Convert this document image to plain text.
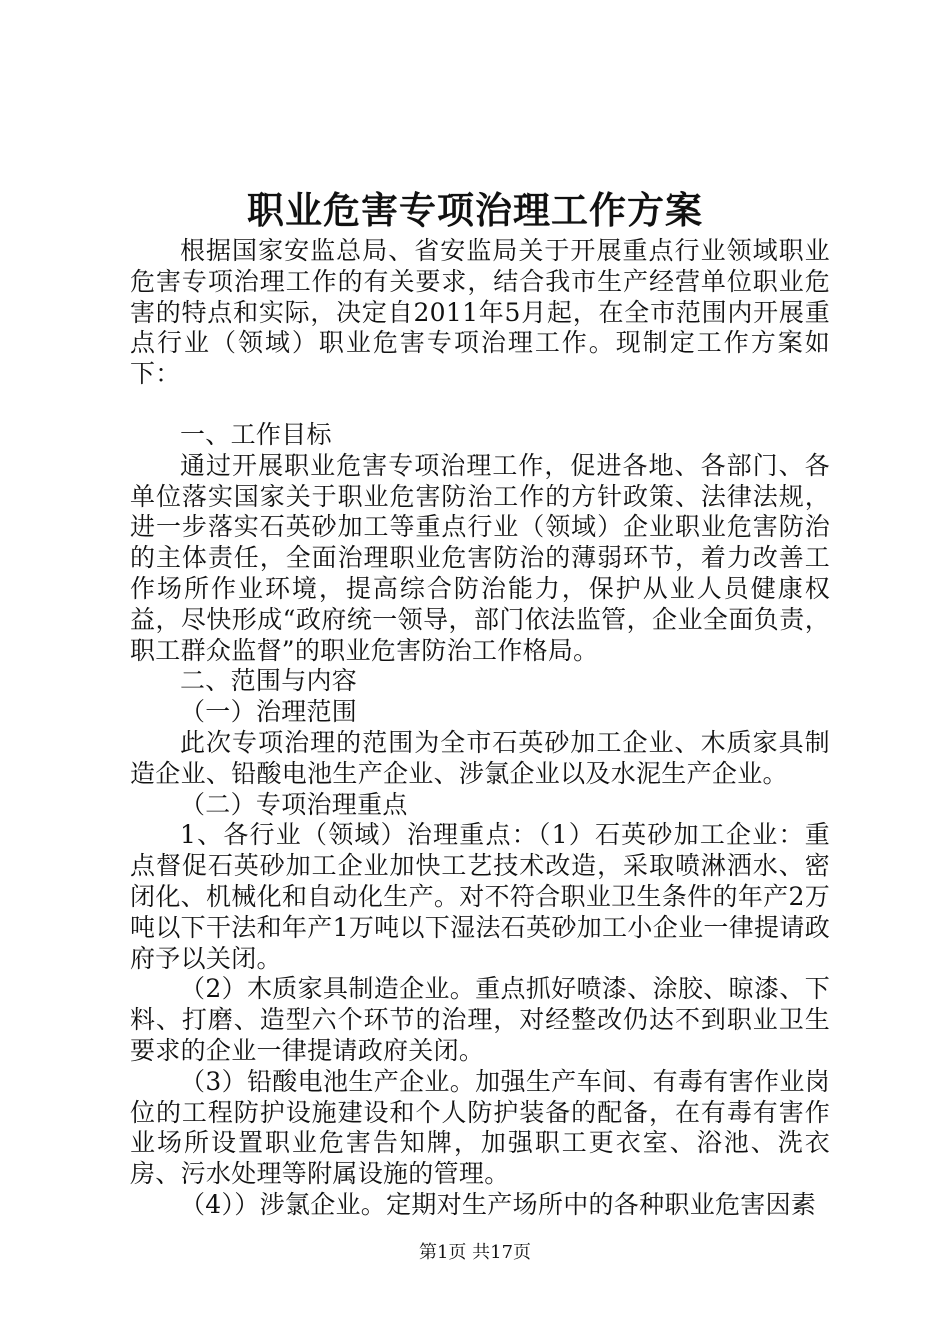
职业危害专项治理工作方案

根据国家安监总局、省安监局关于开展重点行业领域职业危害专项治理工作的有关要求，结合我市生产经营单位职业危害的特点和实际，决定自2011年5月起，在全市范围内开展重点行业（领域）职业危害专项治理工作。现制定工作方案如下：

一、工作目标

通过开展职业危害专项治理工作，促进各地、各部门、各单位落实国家关于职业危害防治工作的方针政策、法律法规，进一步落实石英砂加工等重点行业（领域）企业职业危害防治的主体责任，全面治理职业危害防治的薄弱环节，着力改善工作场所作业环境，提高综合防治能力，保护从业人员健康权益，尽快形成“政府统一领导，部门依法监管，企业全面负责，职工群众监督”的职业危害防治工作格局。

二、范围与内容

（一）治理范围

此次专项治理的范围为全市石英砂加工企业、木质家具制造企业、铅酸电池生产企业、涉氯企业以及水泥生产企业。

（二）专项治理重点

1、各行业（领域）治理重点：（1）石英砂加工企业：重点督促石英砂加工企业加快工艺技术改造，采取喷淋洒水、密闭化、机械化和自动化生产。对不符合职业卫生条件的年产2万吨以下干法和年产1万吨以下湿法石英砂加工小企业一律提请政府予以关闭。

（2）木质家具制造企业。重点抓好喷漆、涂胶、晾漆、下料、打磨、造型六个环节的治理，对经整改仍达不到职业卫生要求的企业一律提请政府关闭。

（3）铅酸电池生产企业。加强生产车间、有毒有害作业岗位的工程防护设施建设和个人防护装备的配备，在有毒有害作业场所设置职业危害告知牌，加强职工更衣室、浴池、洗衣房、污水处理等附属设施的管理。

（4））涉氯企业。定期对生产场所中的各种职业危害因素

第1页 共17页
